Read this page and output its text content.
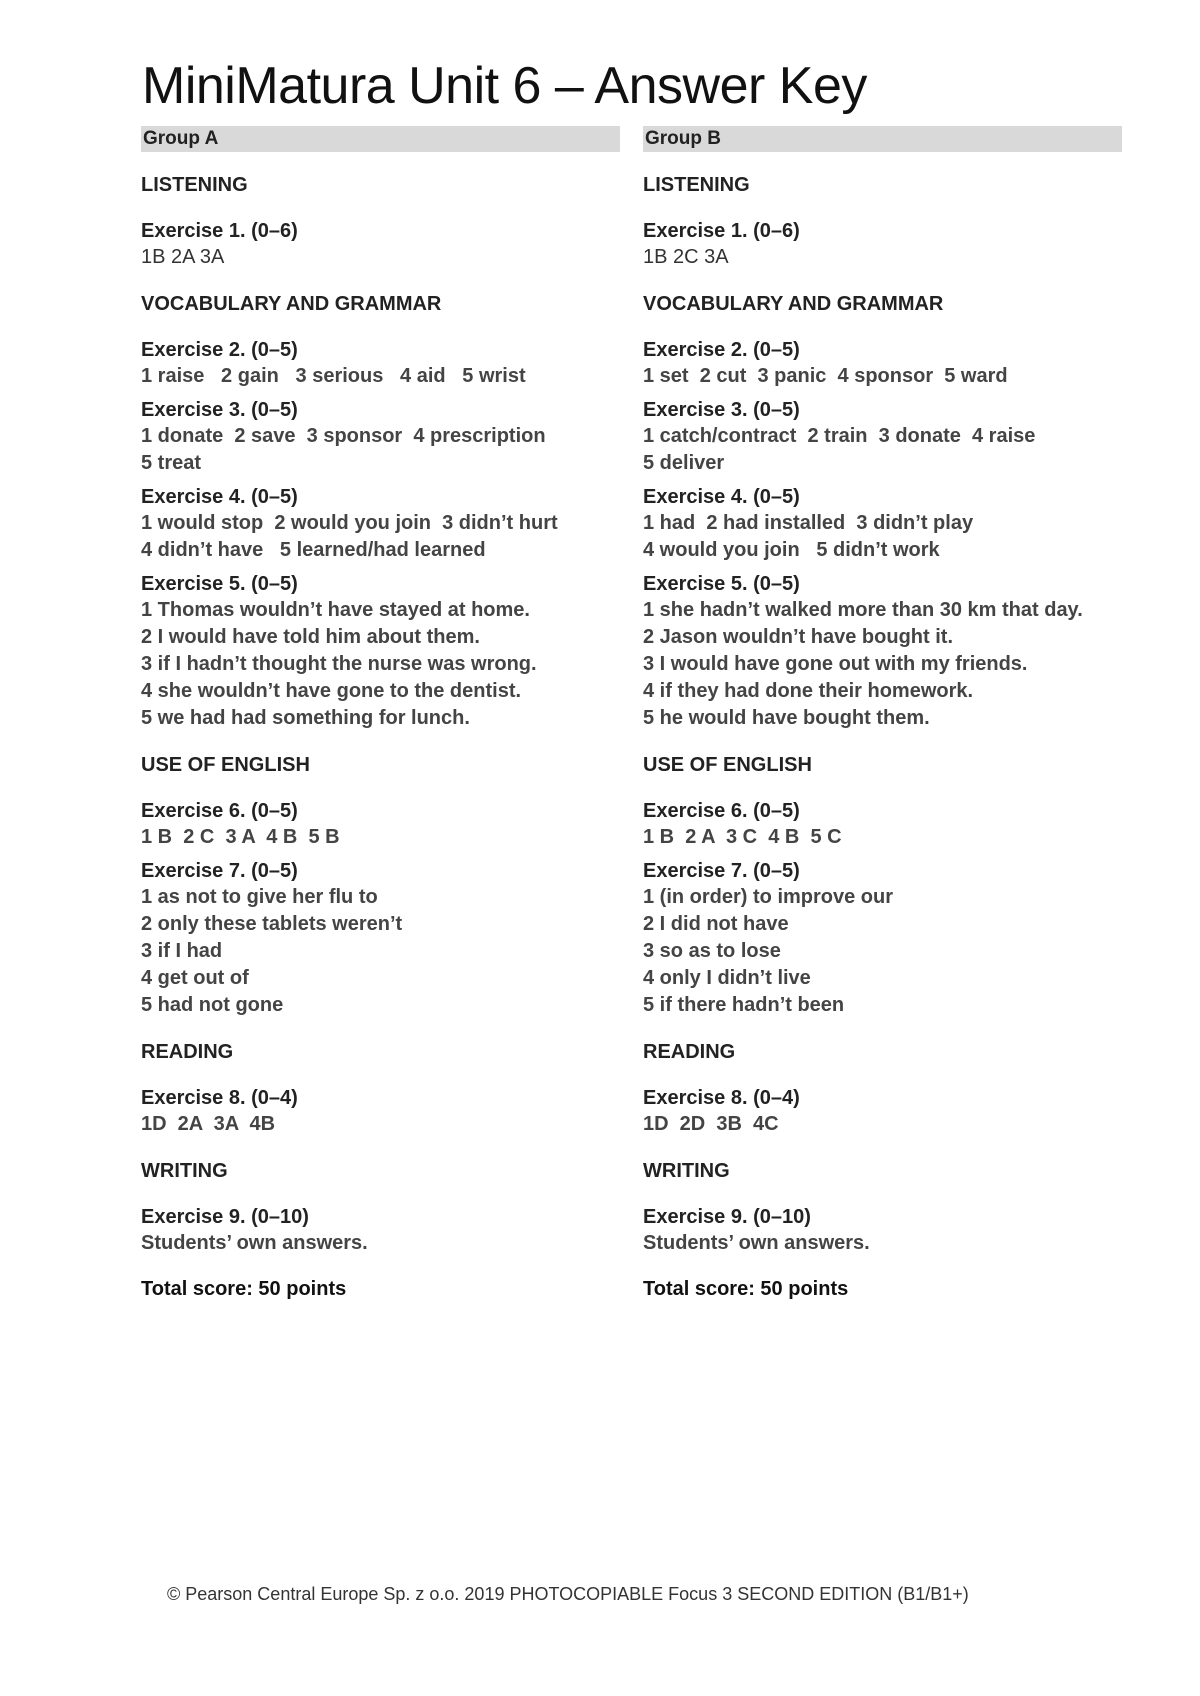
MiniMatura Unit 6 – Answer Key
Group A
LISTENING
Exercise 1. (0–6)
1B 2A 3A
VOCABULARY AND GRAMMAR
Exercise 2. (0–5)
1 raise   2 gain   3 serious   4 aid   5 wrist
Exercise 3. (0–5)
1 donate  2 save  3 sponsor  4 prescription
5 treat
Exercise 4. (0–5)
1 would stop  2 would you join  3 didn’t hurt
4 didn’t have   5 learned/had learned
Exercise 5. (0–5)
1 Thomas wouldn’t have stayed at home.
2 I would have told him about them.
3 if I hadn’t thought the nurse was wrong.
4 she wouldn’t have gone to the dentist.
5 we had had something for lunch.
USE OF ENGLISH
Exercise 6. (0–5)
1 B  2 C  3 A  4 B  5 B
Exercise 7. (0–5)
1 as not to give her flu to
2 only these tablets weren’t
3 if I had
4 get out of
5 had not gone
READING
Exercise 8. (0–4)
1D  2A  3A  4B
WRITING
Exercise 9. (0–10)
Students’ own answers.
Total score: 50 points
Group B
LISTENING
Exercise 1. (0–6)
1B 2C 3A
VOCABULARY AND GRAMMAR
Exercise 2. (0–5)
1 set  2 cut  3 panic  4 sponsor  5 ward
Exercise 3. (0–5)
1 catch/contract  2 train  3 donate  4 raise
5 deliver
Exercise 4. (0–5)
1 had  2 had installed  3 didn’t play
4 would you join   5 didn’t work
Exercise 5. (0–5)
1 she hadn’t walked more than 30 km that day.
2 Jason wouldn’t have bought it.
3 I would have gone out with my friends.
4 if they had done their homework.
5 he would have bought them.
USE OF ENGLISH
Exercise 6. (0–5)
1 B  2 A  3 C  4 B  5 C
Exercise 7. (0–5)
1 (in order) to improve our
2 I did not have
3 so as to lose
4 only I didn’t live
5 if there hadn’t been
READING
Exercise 8. (0–4)
1D  2D  3B  4C
WRITING
Exercise 9. (0–10)
Students’ own answers.
Total score: 50 points
© Pearson Central Europe Sp. z o.o. 2019 PHOTOCOPIABLE Focus 3 SECOND EDITION (B1/B1+)
